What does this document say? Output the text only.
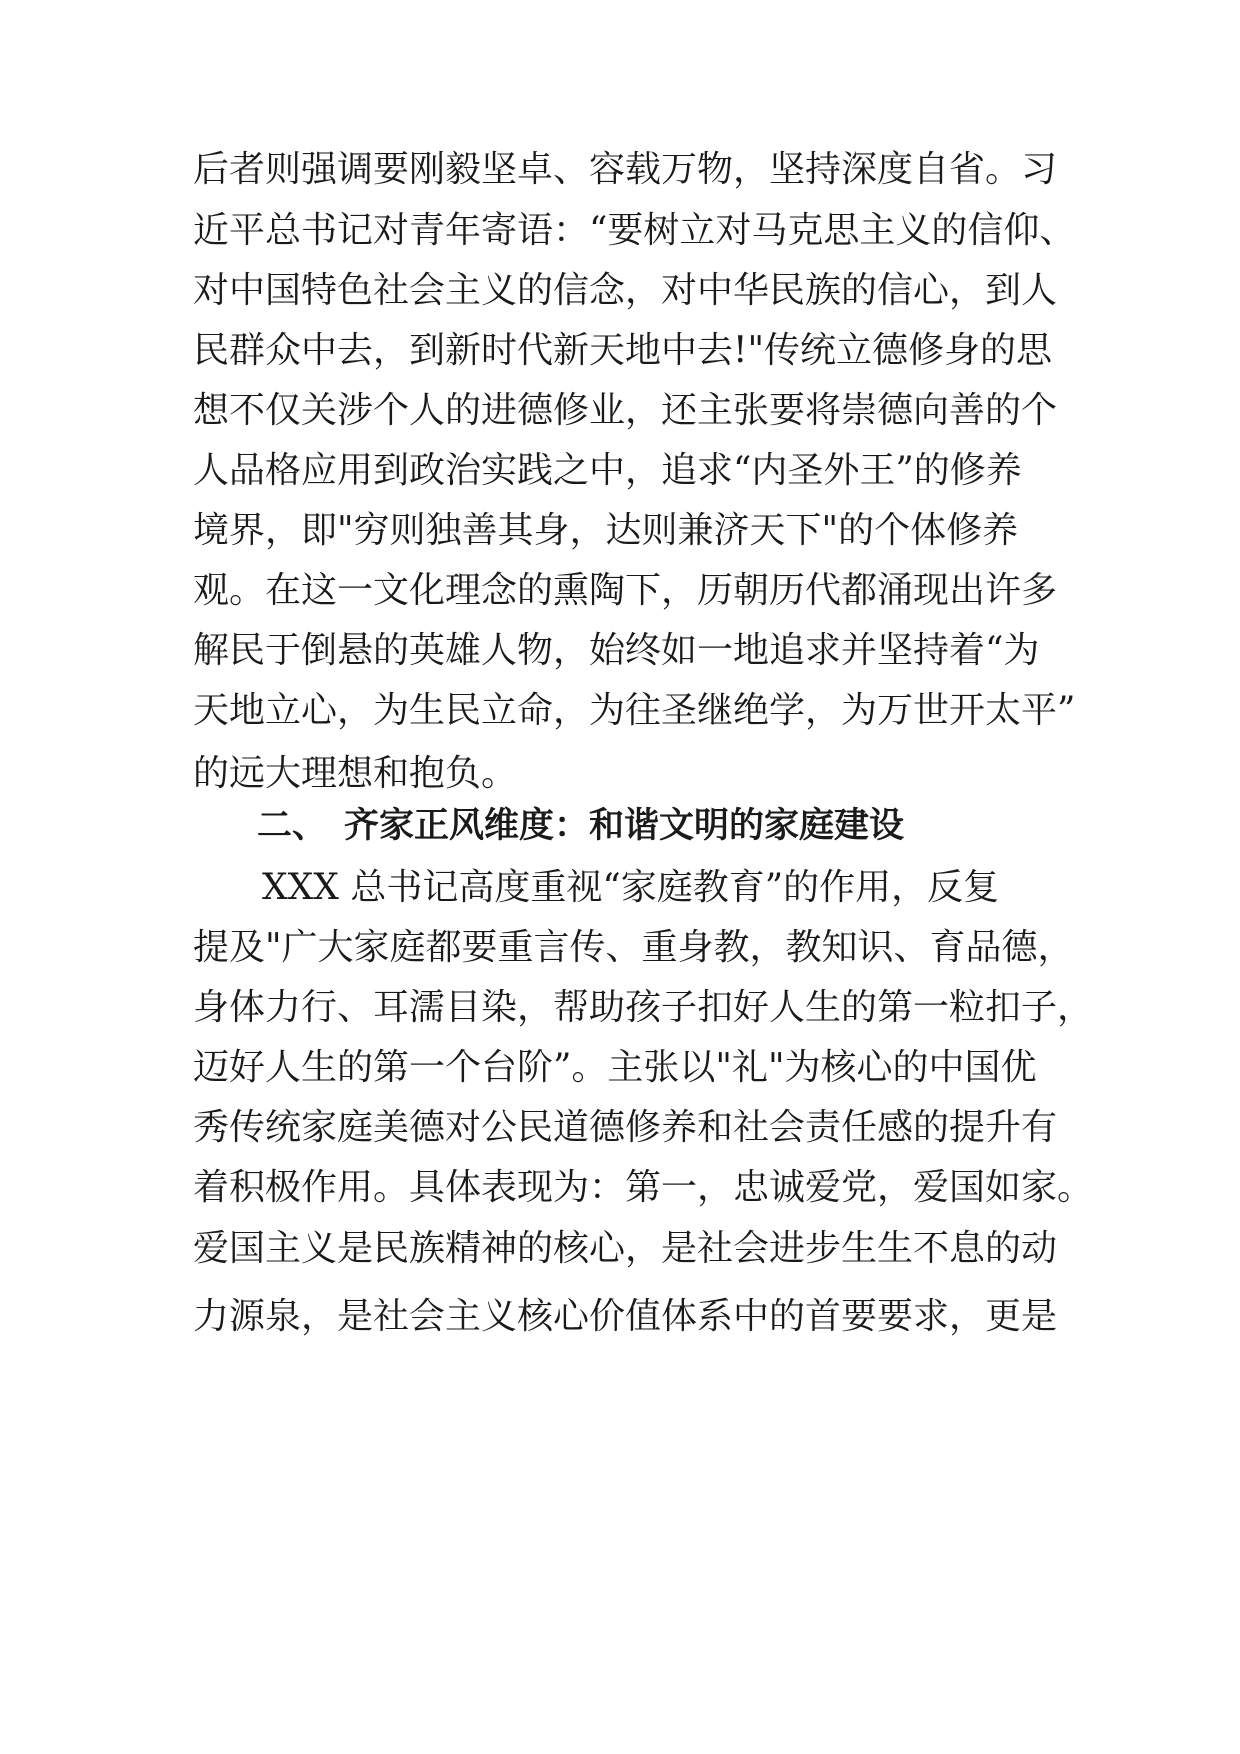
后者则强调要刚毅坚卓、容载万物，坚持深度自省。习
近平总书记对青年寄语：“要树立对马克思主义的信仰、
对中国特色社会主义的信念，对中华民族的信心，到人
民群众中去，到新时代新天地中去!"传统立德修身的思
想不仅关涉个人的进德修业，还主张要将崇德向善的个
人品格应用到政治实践之中，追求“内圣外王”的修养
境界，即"穷则独善其身，达则兼济天下"的个体修养
观。在这一文化理念的熏陶下，历朝历代都涌现出许多
解民于倒悬的英雄人物，始终如一地追求并坚持着“为
天地立心，为生民立命，为往圣继绝学，为万世开太平”
的远大理想和抱负。
二、 齐家正风维度：和谐文明的家庭建设
XXX 总书记高度重视“家庭教育”的作用，反复
提及"广大家庭都要重言传、重身教，教知识、育品德，
身体力行、耳濡目染，帮助孩子扣好人生的第一粒扣子，
迈好人生的第一个台阶”。主张以"礼"为核心的中国优
秀传统家庭美德对公民道德修养和社会责任感的提升有
着积极作用。具体表现为：第一，忠诚爱党，爱国如家。
爱国主义是民族精神的核心，是社会进步生生不息的动
力源泉，是社会主义核心价值体系中的首要要求，更是
